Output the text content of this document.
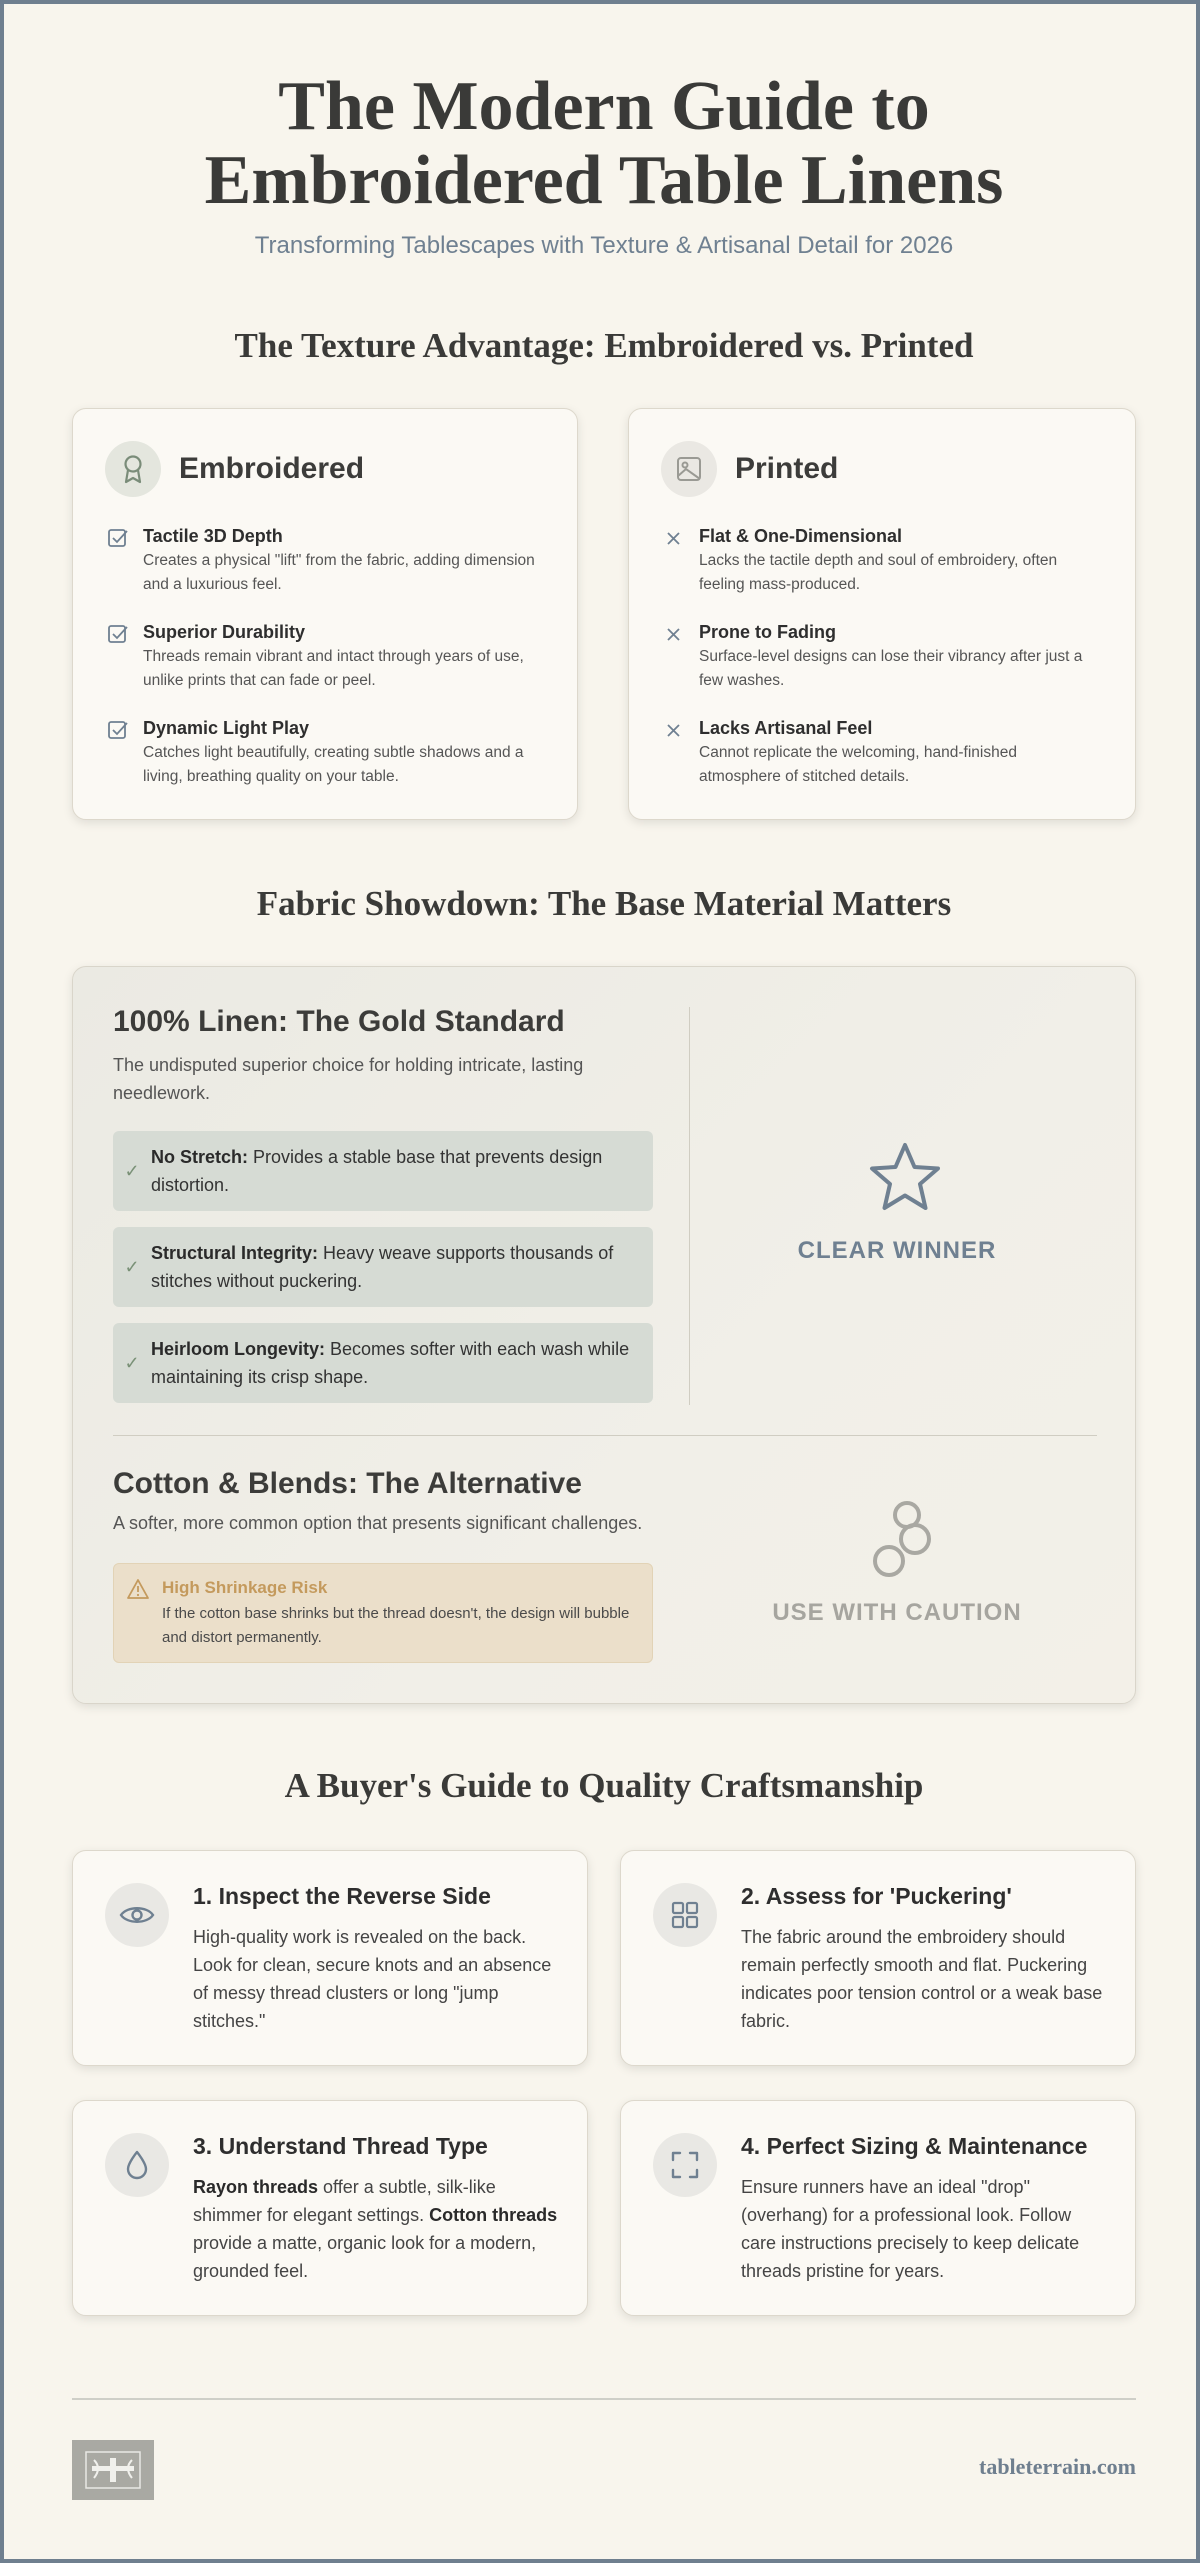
The Modern Guide to
Embroidered Table Linens
Transforming Tablescapes with Texture & Artisanal Detail for 2026
The Texture Advantage: Embroidered vs. Printed
Embroidered
Tactile 3D Depth
Creates a physical "lift" from the fabric, adding dimension and a luxurious feel.
Superior Durability
Threads remain vibrant and intact through years of use, unlike prints that can fade or peel.
Dynamic Light Play
Catches light beautifully, creating subtle shadows and a living, breathing quality on your table.
Printed
Flat & One-Dimensional
Lacks the tactile depth and soul of embroidery, often feeling mass-produced.
Prone to Fading
Surface-level designs can lose their vibrancy after just a few washes.
Lacks Artisanal Feel
Cannot replicate the welcoming, hand-finished atmosphere of stitched details.
Fabric Showdown: The Base Material Matters
100% Linen: The Gold Standard
The undisputed superior choice for holding intricate, lasting needlework.
✓
No Stretch: Provides a stable base that prevents design distortion.
✓
Structural Integrity: Heavy weave supports thousands of stitches without puckering.
✓
Heirloom Longevity: Becomes softer with each wash while maintaining its crisp shape.
CLEAR WINNER
Cotton & Blends: The Alternative
A softer, more common option that presents significant challenges.
High Shrinkage Risk
If the cotton base shrinks but the thread doesn't, the design will bubble and distort permanently.
USE WITH CAUTION
A Buyer's Guide to Quality Craftsmanship
1. Inspect the Reverse Side
High-quality work is revealed on the back. Look for clean, secure knots and an absence of messy thread clusters or long "jump stitches."
2. Assess for 'Puckering'
The fabric around the embroidery should remain perfectly smooth and flat. Puckering indicates poor tension control or a weak base fabric.
3. Understand Thread Type
Rayon threads offer a subtle, silk-like shimmer for elegant settings. Cotton threads provide a matte, organic look for a modern, grounded feel.
4. Perfect Sizing & Maintenance
Ensure runners have an ideal "drop" (overhang) for a professional look. Follow care instructions precisely to keep delicate threads pristine for years.
tableterrain.com
